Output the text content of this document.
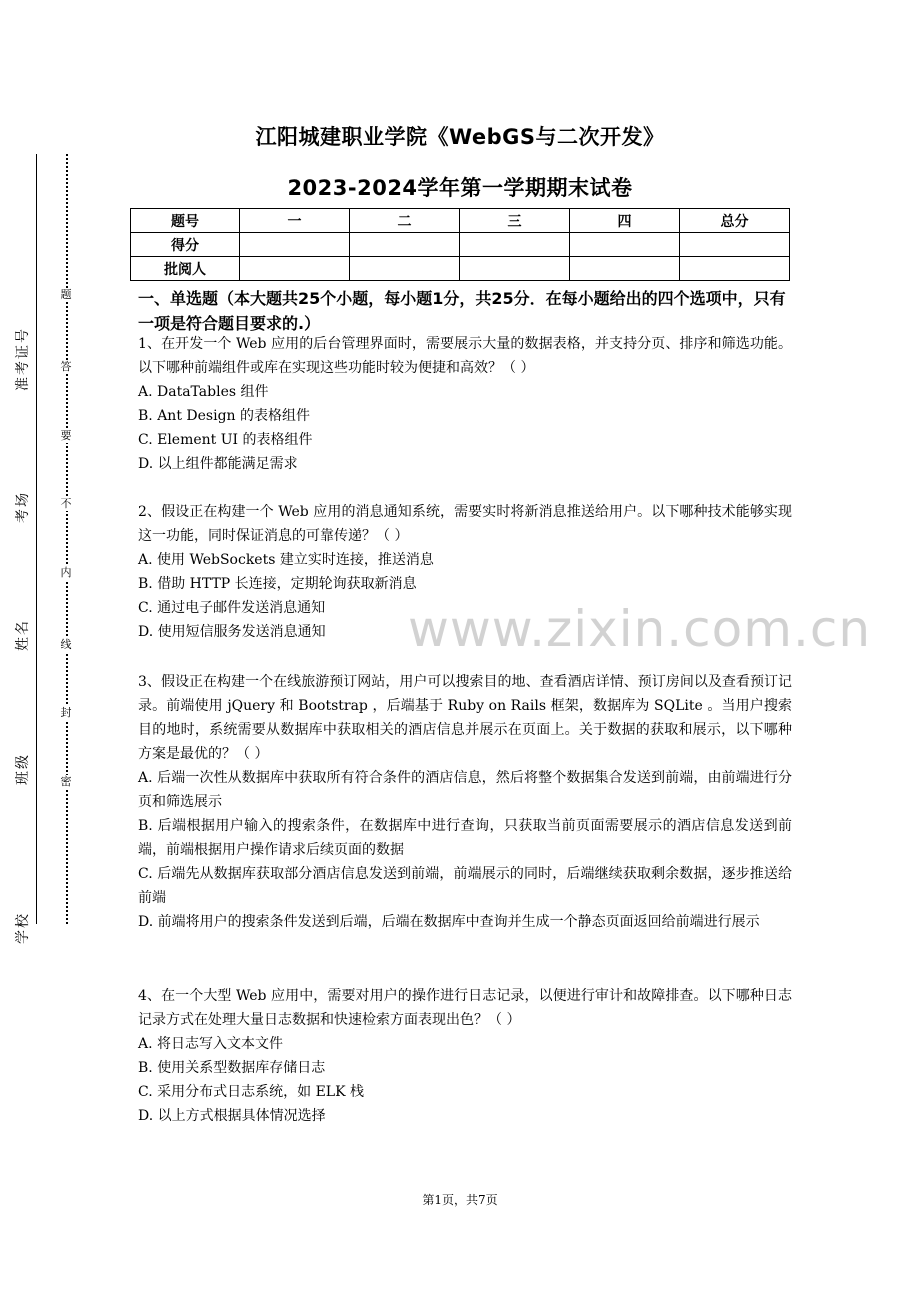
江阳城建职业学院《WebGS与二次开发》
2023-2024学年第一学期期末试卷
题号	一	二	三	四	总分
得分					
批阅人					
一、单选题（本大题共25个小题，每小题1分，共25分．在每小题给出的四个选项中，只有一项是符合题目要求的.）

1、在开发一个 Web 应用的后台管理界面时，需要展示大量的数据表格，并支持分页、排序和筛选功能。以下哪种前端组件或库在实现这些功能时较为便捷和高效？（ ）

A. DataTables 组件

B. Ant Design 的表格组件

C. Element UI 的表格组件

D. 以上组件都能满足需求

2、假设正在构建一个 Web 应用的消息通知系统，需要实时将新消息推送给用户。以下哪种技术能够实现这一功能，同时保证消息的可靠传递？（ ）

A. 使用 WebSockets 建立实时连接，推送消息

B. 借助 HTTP 长连接，定期轮询获取新消息

C. 通过电子邮件发送消息通知

D. 使用短信服务发送消息通知

3、假设正在构建一个在线旅游预订网站，用户可以搜索目的地、查看酒店详情、预订房间以及查看预订记录。前端使用 jQuery 和 Bootstrap ，后端基于 Ruby on Rails 框架，数据库为 SQLite 。当用户搜索目的地时，系统需要从数据库中获取相关的酒店信息并展示在页面上。关于数据的获取和展示，以下哪种方案是最优的？（ ）

A. 后端一次性从数据库中获取所有符合条件的酒店信息，然后将整个数据集合发送到前端，由前端进行分页和筛选展示

B. 后端根据用户输入的搜索条件，在数据库中进行查询，只获取当前页面需要展示的酒店信息发送到前端，前端根据用户操作请求后续页面的数据

C. 后端先从数据库获取部分酒店信息发送到前端，前端展示的同时，后端继续获取剩余数据，逐步推送给前端

D. 前端将用户的搜索条件发送到后端，后端在数据库中查询并生成一个静态页面返回给前端进行展示

4、在一个大型 Web 应用中，需要对用户的操作进行日志记录，以便进行审计和故障排查。以下哪种日志记录方式在处理大量日志数据和快速检索方面表现出色？（ ）

A. 将日志写入文本文件

B. 使用关系型数据库存储日志

C. 采用分布式日志系统，如 ELK 栈

D. 以上方式根据具体情况选择

www.zixin.com.cn
第1页，共7页
号
证
考
准
场
考
名
姓
级
班
校
学
题
答
要
不
内
线
封
密
